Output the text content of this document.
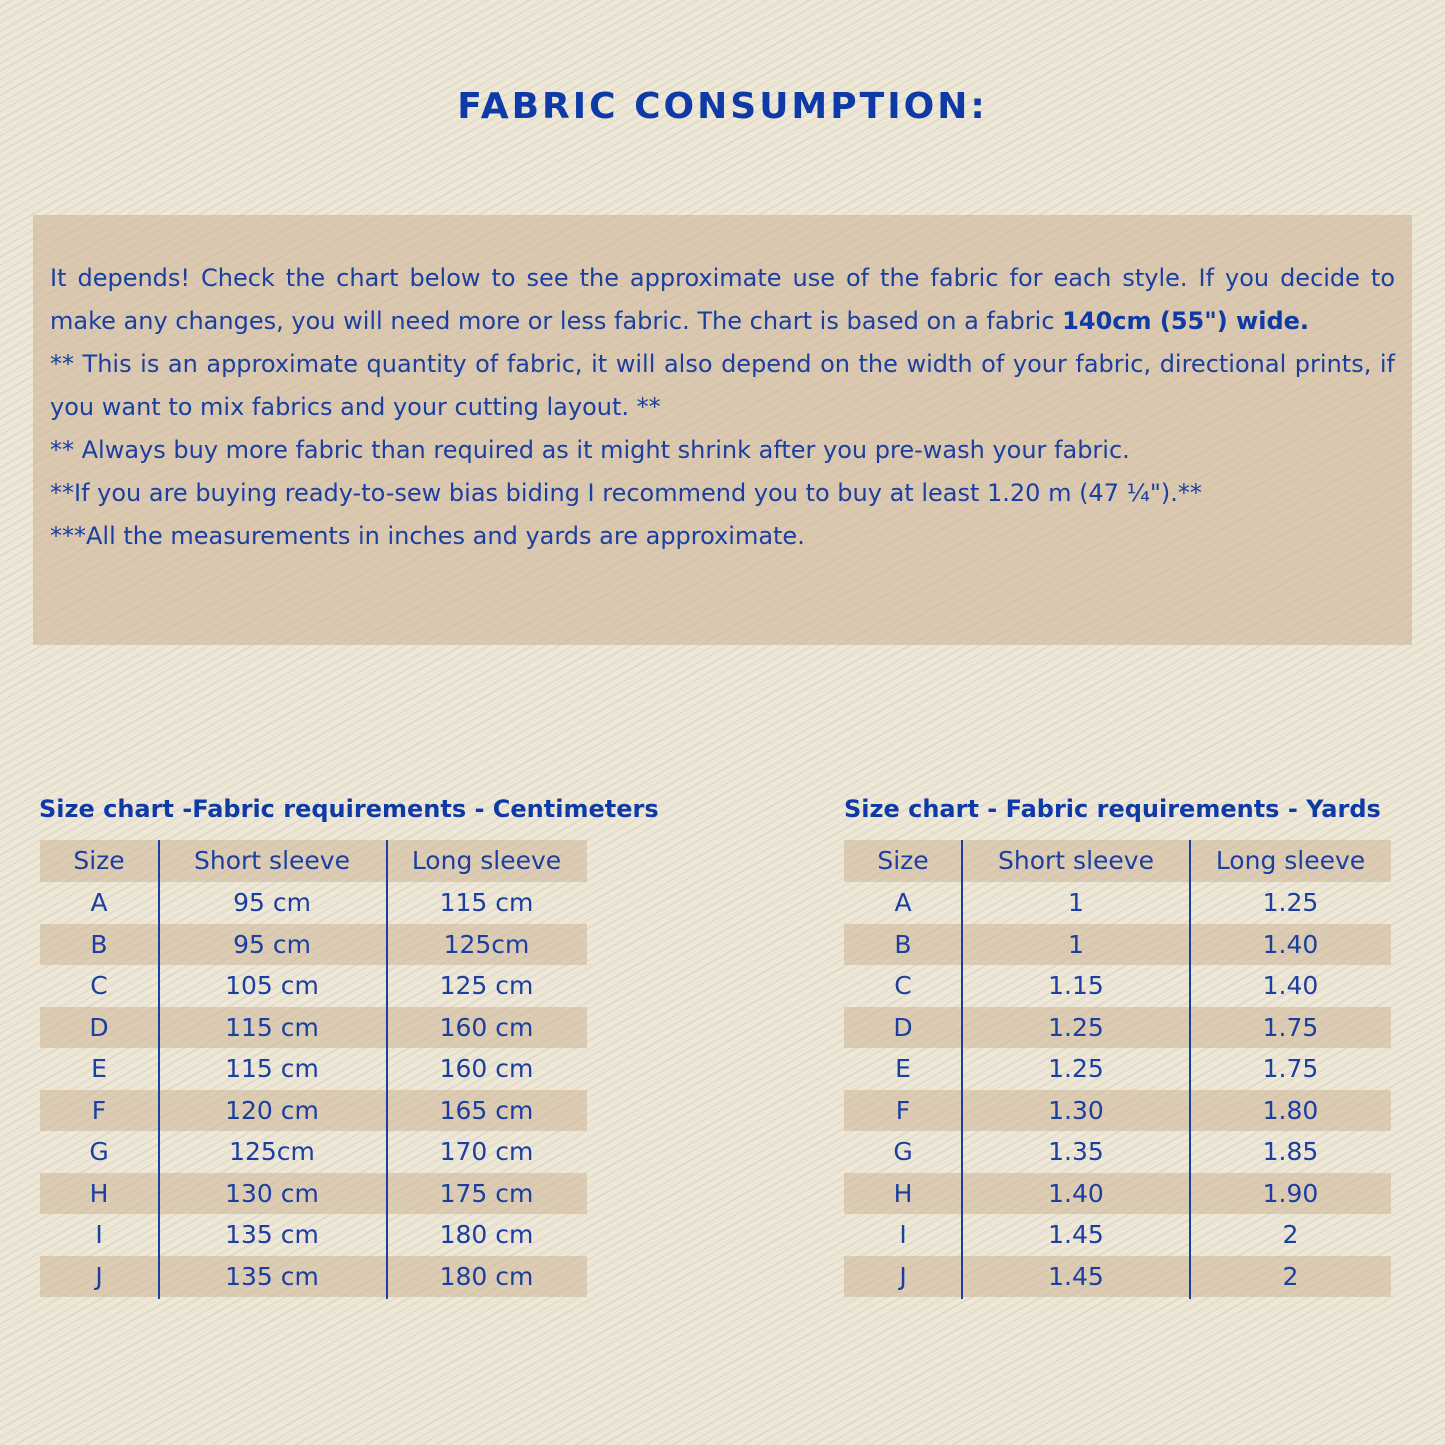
FABRIC CONSUMPTION:

It depends! Check the chart below to see the approximate use of the fabric for each style. If you decide to make any changes, you will need more or less fabric. The chart is based on a fabric 140cm (55") wide.

** This is an approximate quantity of fabric, it will also depend on the width of your fabric, directional prints, if you want to mix fabrics and your cutting layout. **

** Always buy more fabric than required as it might shrink after you pre-wash your fabric.

**If you are buying ready-to-sew bias biding I recommend you to buy at least 1.20 m (47 ¼").**

***All the measurements in inches and yards are approximate.

Size chart -Fabric requirements - Centimeters
Size	Short sleeve	Long sleeve
A	95 cm	115 cm
B	95 cm	125cm
C	105 cm	125 cm
D	115 cm	160 cm
E	115 cm	160 cm
F	120 cm	165 cm
G	125cm	170 cm
H	130 cm	175 cm
I	135 cm	180 cm
J	135 cm	180 cm
Size chart - Fabric requirements - Yards
Size	Short sleeve	Long sleeve
A	1	1.25
B	1	1.40
C	1.15	1.40
D	1.25	1.75
E	1.25	1.75
F	1.30	1.80
G	1.35	1.85
H	1.40	1.90
I	1.45	2
J	1.45	2
